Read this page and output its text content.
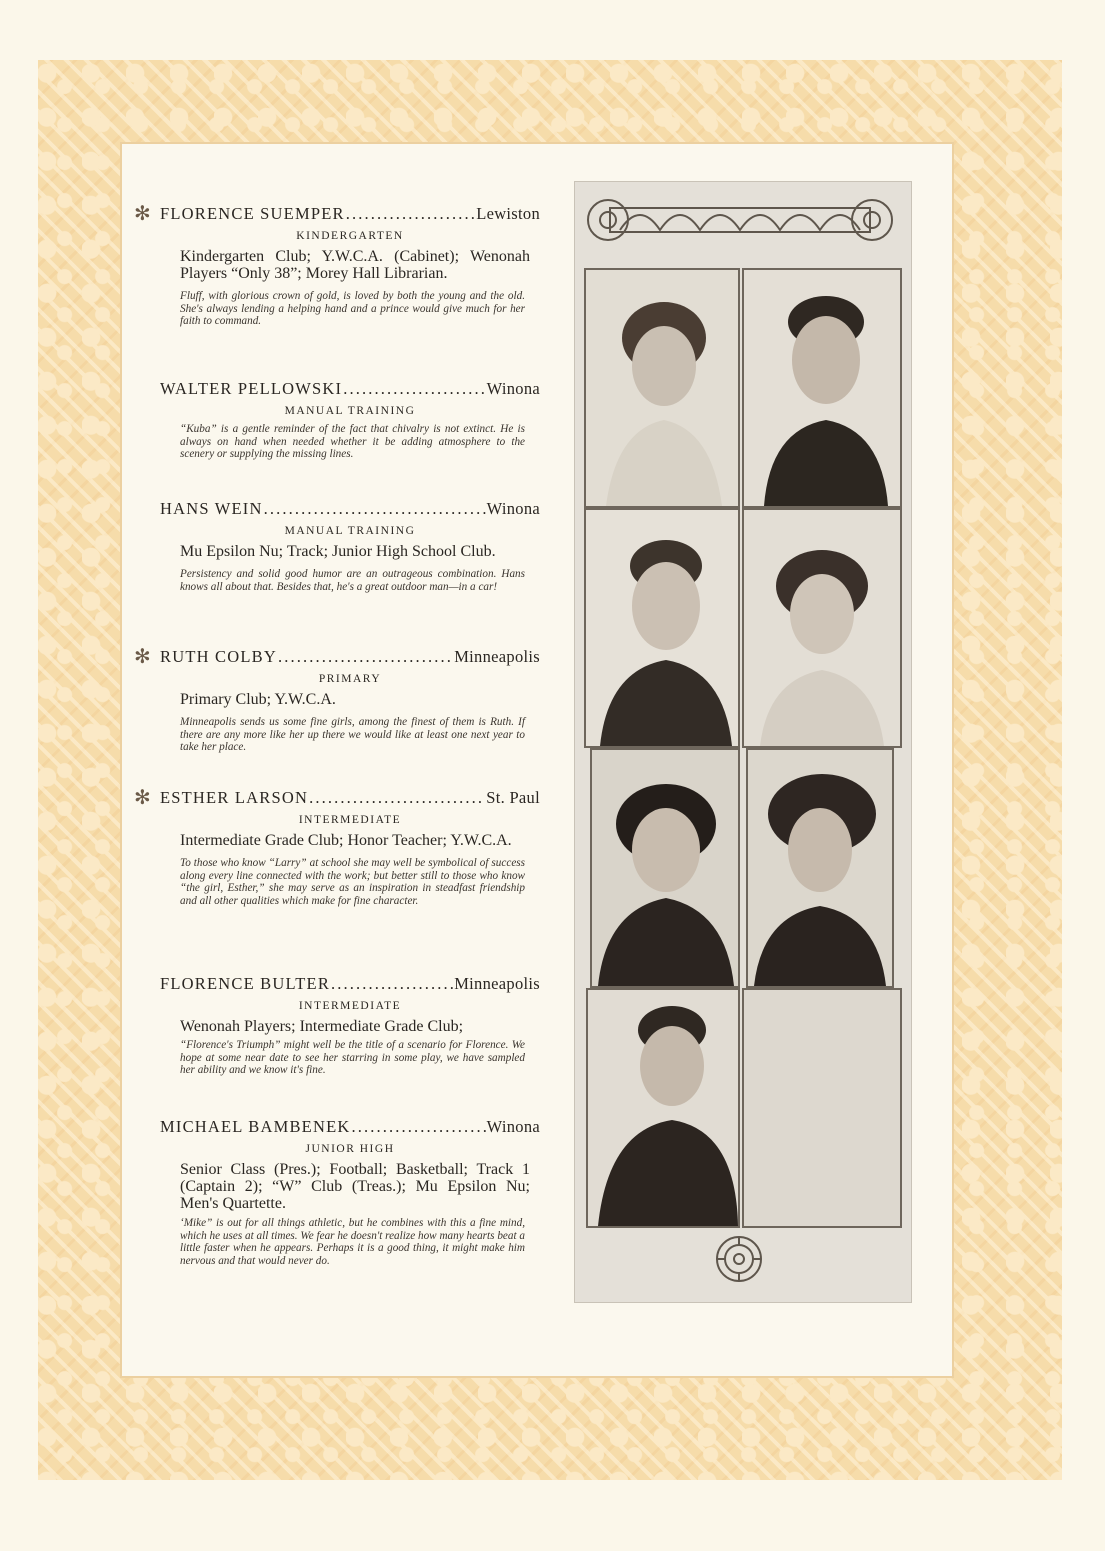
✻ FLORENCE SUEMPER . . .	Lewiston
KINDERGARTEN
Kindergarten Club; Y.W.C.A. (Cabinet); Wenonah Players “Only 38”; Morey Hall Librarian.
Fluff, with glorious crown of gold, is loved by both the young and the old. She's always lending a helping hand and a prince would give much for her faith to command.
WALTER PELLOWSKI . . .	Winona
MANUAL TRAINING
“Kuba” is a gentle reminder of the fact that chivalry is not extinct. He is always on hand when needed whether it be adding atmosphere to the scenery or supplying the missing lines.
HANS WEIN . . .	Winona
MANUAL TRAINING
Mu Epsilon Nu; Track; Junior High School Club.
Persistency and solid good humor are an outrageous combination. Hans knows all about that. Besides that, he's a great outdoor man—in a car!
✻ RUTH COLBY . . .	Minneapolis
PRIMARY
Primary Club; Y.W.C.A.
Minneapolis sends us some fine girls, among the finest of them is Ruth. If there are any more like her up there we would like at least one next year to take her place.
✻ ESTHER LARSON . . .	St. Paul
INTERMEDIATE
Intermediate Grade Club; Honor Teacher; Y.W.C.A.
To those who know “Larry” at school she may well be symbolical of success along every line connected with the work; but better still to those who know “the girl, Esther,” she may serve as an inspiration in steadfast friendship and all other qualities which make for fine character.
FLORENCE BULTER . . .	Minneapolis
INTERMEDIATE
Wenonah Players; Intermediate Grade Club;
“Florence's Triumph” might well be the title of a scenario for Florence. We hope at some near date to see her starring in some play, we have sampled her ability and we know it's fine.
MICHAEL BAMBENEK . . .	Winona
JUNIOR HIGH
Senior Class (Pres.); Football; Basketball; Track 1 (Captain 2); “W” Club (Treas.); Mu Epsilon Nu; Men's Quartette.
‘Mike” is out for all things athletic, but he combines with this a fine mind, which he uses at all times. We fear he doesn't realize how many hearts beat a little faster when he appears. Perhaps it is a good thing, it might make him nervous and that would never do.
